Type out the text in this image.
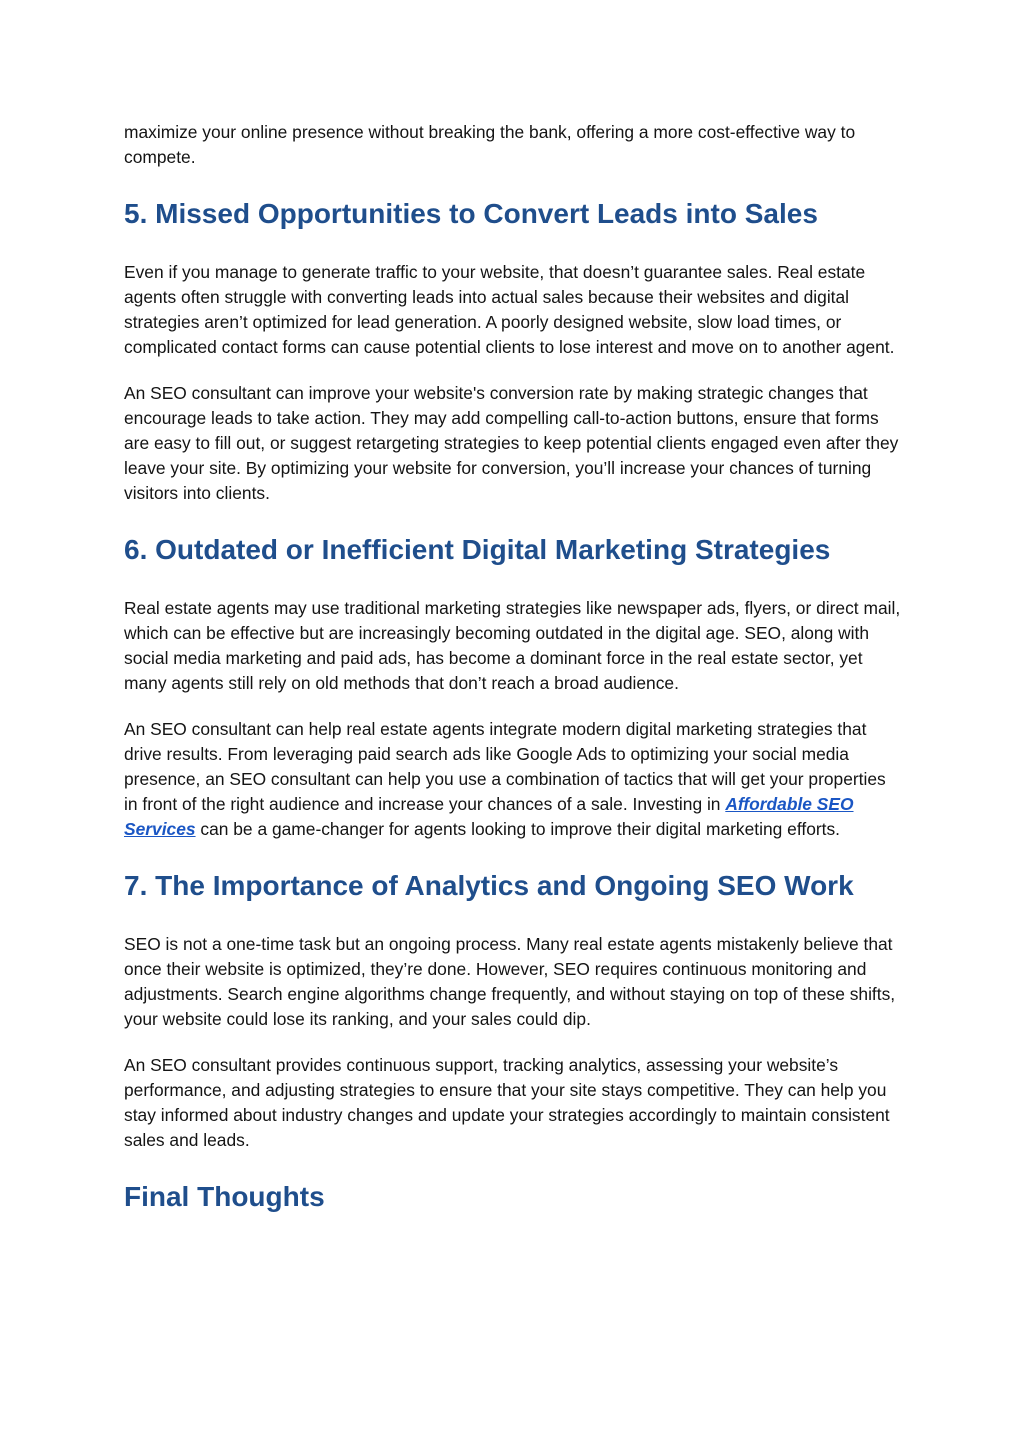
maximize your online presence without breaking the bank, offering a more cost-effective way to compete.

5. Missed Opportunities to Convert Leads into Sales

Even if you manage to generate traffic to your website, that doesn’t guarantee sales. Real estate agents often struggle with converting leads into actual sales because their websites and digital strategies aren’t optimized for lead generation. A poorly designed website, slow load times, or complicated contact forms can cause potential clients to lose interest and move on to another agent.

An SEO consultant can improve your website's conversion rate by making strategic changes that encourage leads to take action. They may add compelling call-to-action buttons, ensure that forms are easy to fill out, or suggest retargeting strategies to keep potential clients engaged even after they leave your site. By optimizing your website for conversion, you’ll increase your chances of turning visitors into clients.

6. Outdated or Inefficient Digital Marketing Strategies

Real estate agents may use traditional marketing strategies like newspaper ads, flyers, or direct mail, which can be effective but are increasingly becoming outdated in the digital age. SEO, along with social media marketing and paid ads, has become a dominant force in the real estate sector, yet many agents still rely on old methods that don’t reach a broad audience.

An SEO consultant can help real estate agents integrate modern digital marketing strategies that drive results. From leveraging paid search ads like Google Ads to optimizing your social media presence, an SEO consultant can help you use a combination of tactics that will get your properties in front of the right audience and increase your chances of a sale. Investing in Affordable SEO Services can be a game-changer for agents looking to improve their digital marketing efforts.

7. The Importance of Analytics and Ongoing SEO Work

SEO is not a one-time task but an ongoing process. Many real estate agents mistakenly believe that once their website is optimized, they’re done. However, SEO requires continuous monitoring and adjustments. Search engine algorithms change frequently, and without staying on top of these shifts, your website could lose its ranking, and your sales could dip.

An SEO consultant provides continuous support, tracking analytics, assessing your website’s performance, and adjusting strategies to ensure that your site stays competitive. They can help you stay informed about industry changes and update your strategies accordingly to maintain consistent sales and leads.

Final Thoughts
